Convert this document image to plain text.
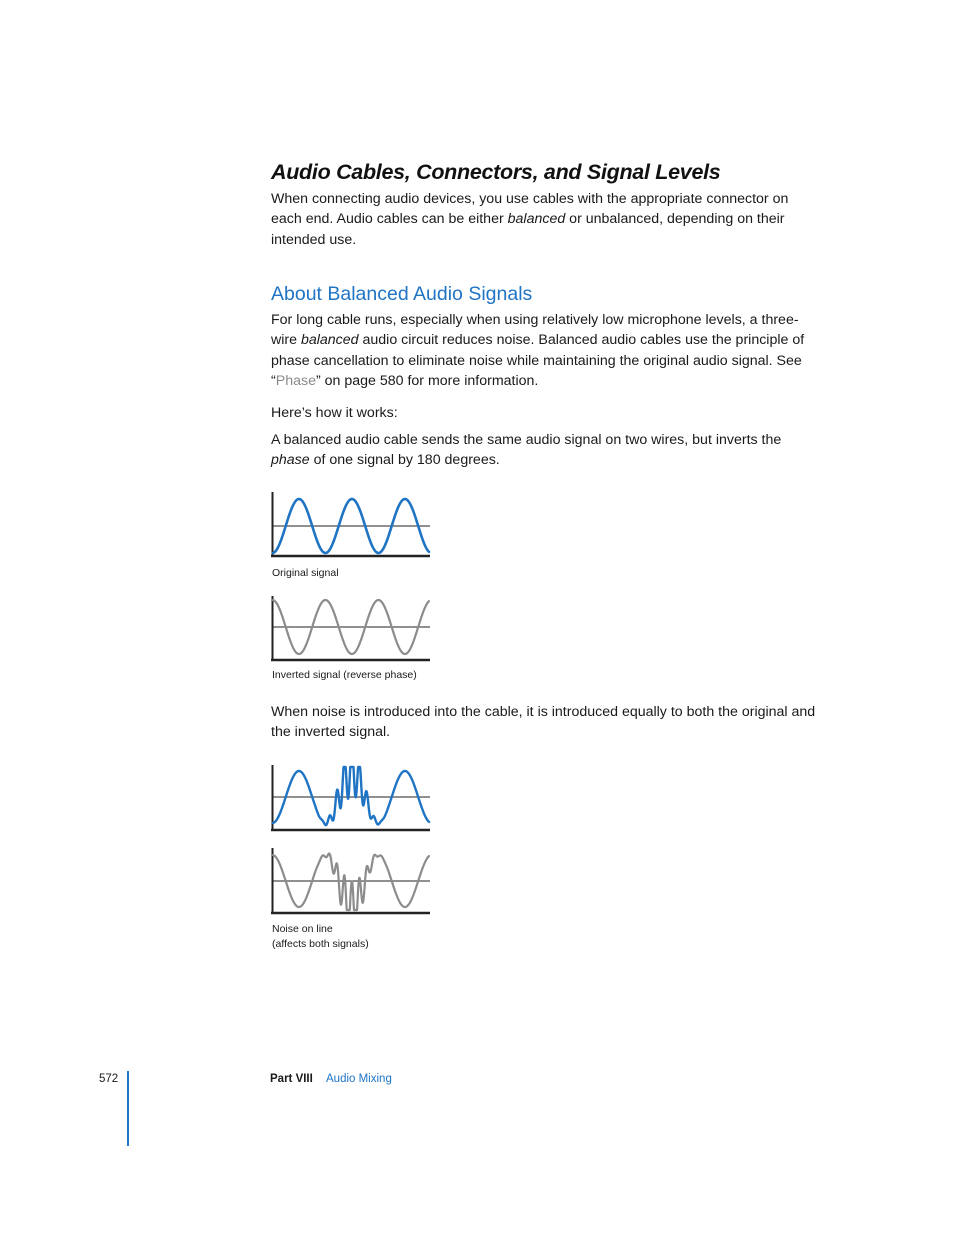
Audio Cables, Connectors, and Signal Levels
When connecting audio devices, you use cables with the appropriate connector on each end. Audio cables can be either balanced or unbalanced, depending on their intended use.
About Balanced Audio Signals
For long cable runs, especially when using relatively low microphone levels, a three-wire balanced audio circuit reduces noise. Balanced audio cables use the principle of phase cancellation to eliminate noise while maintaining the original audio signal. See “Phase” on page 580 for more information.
Here’s how it works:
A balanced audio cable sends the same audio signal on two wires, but inverts the phase of one signal by 180 degrees.
Original signal
Inverted signal (reverse phase)
When noise is introduced into the cable, it is introduced equally to both the original and the inverted signal.
Noise on line
(affects both signals)
572	Part VIII Audio Mixing
